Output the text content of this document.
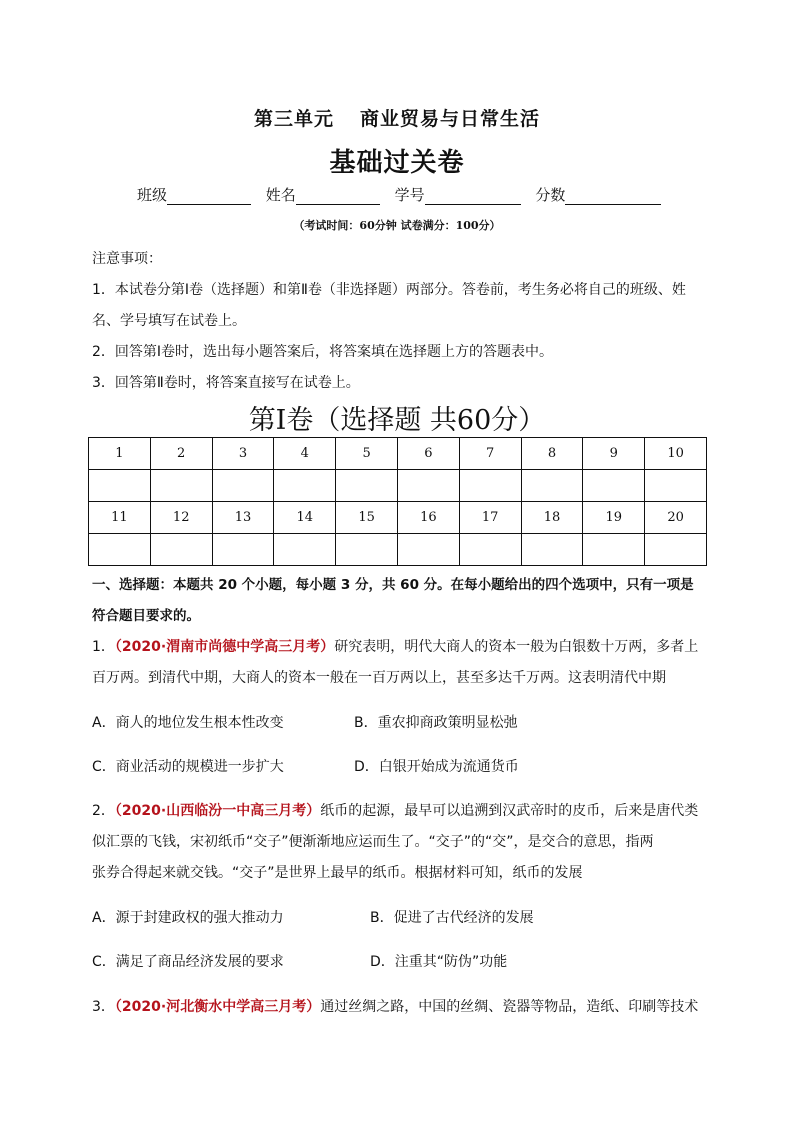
第三单元 商业贸易与日常生活
基础过关卷
班级	姓名	学号	分数
（考试时间：60分钟 试卷满分：100分）
注意事项：
1．本试卷分第Ⅰ卷（选择题）和第Ⅱ卷（非选择题）两部分。答卷前，考生务必将自己的班级、姓
名、学号填写在试卷上。
2．回答第Ⅰ卷时，选出每小题答案后，将答案填在选择题上方的答题表中。
3．回答第Ⅱ卷时，将答案直接写在试卷上。
第Ⅰ卷（选择题 共60分）
1	2	3	4	5	6	7	8	9	10

11	12	13	14	15	16	17	18	19	20

一、选择题：本题共 20 个小题，每小题 3 分，共 60 分。在每小题给出的四个选项中，只有一项是
符合题目要求的。
1．（2020·渭南市尚德中学高三月考）研究表明，明代大商人的资本一般为白银数十万两，多者上
百万两。到清代中期，大商人的资本一般在一百万两以上，甚至多达千万两。这表明清代中期
A．商人的地位发生根本性改变	B．重农抑商政策明显松弛
C．商业活动的规模进一步扩大	D．白银开始成为流通货币
2．（2020·山西临汾一中高三月考）纸币的起源，最早可以追溯到汉武帝时的皮币，后来是唐代类
似汇票的飞钱，宋初纸币“交子”便渐渐地应运而生了。“交子”的“交”，是交合的意思，指两
张券合得起来就交钱。“交子”是世界上最早的纸币。根据材料可知，纸币的发展
A．源于封建政权的强大推动力	B．促进了古代经济的发展
C．满足了商品经济发展的要求	D．注重其“防伪”功能
3．（2020·河北衡水中学高三月考）通过丝绸之路，中国的丝绸、瓷器等物品，造纸、印刷等技术
